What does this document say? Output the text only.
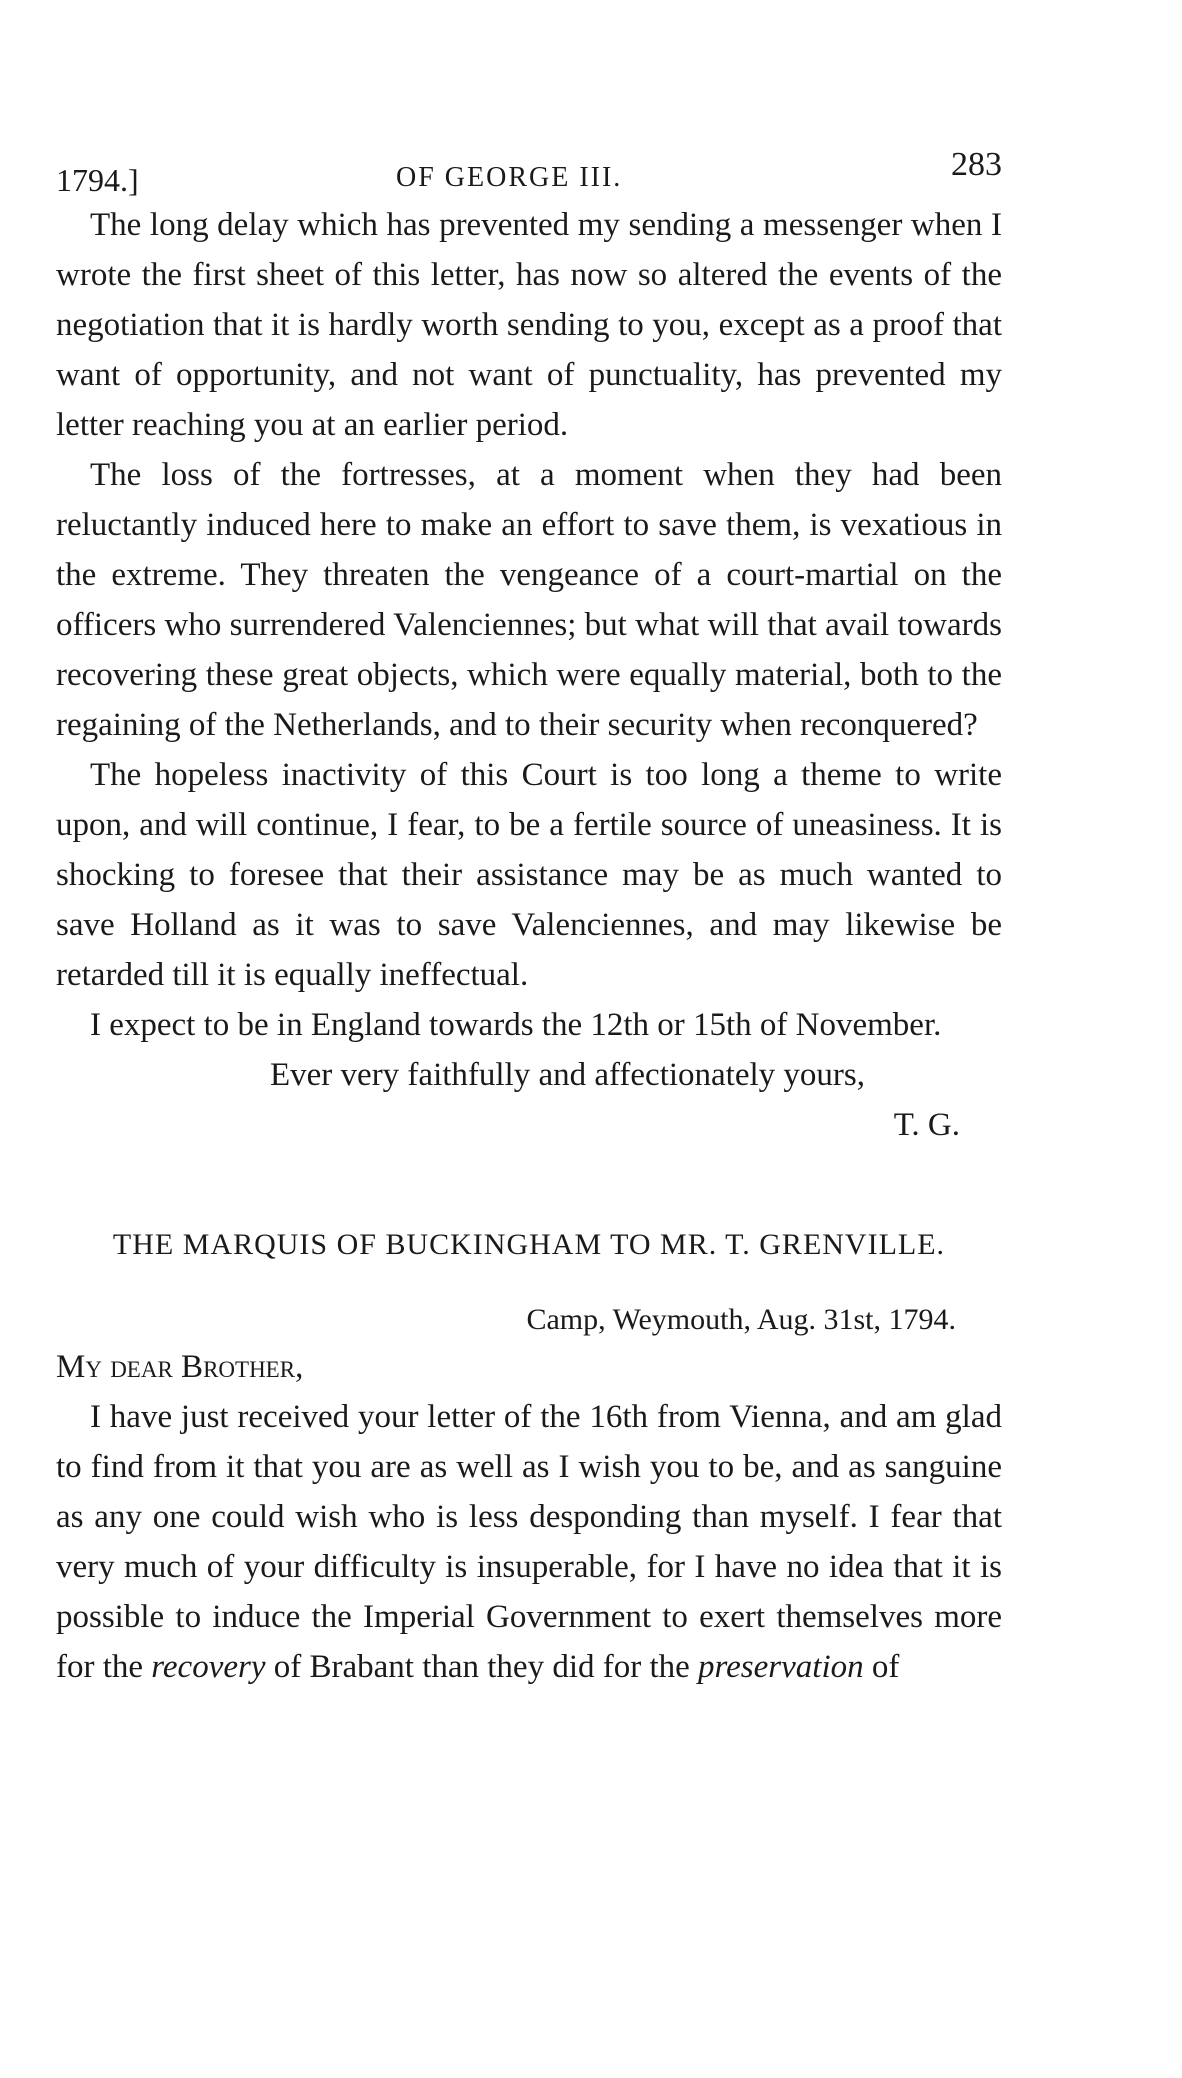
1794.]	OF GEORGE III.	283

The long delay which has prevented my sending a messenger when I wrote the first sheet of this letter, has now so altered the events of the negotiation that it is hardly worth sending to you, except as a proof that want of opportunity, and not want of punctuality, has prevented my letter reaching you at an earlier period.

The loss of the fortresses, at a moment when they had been reluctantly induced here to make an effort to save them, is vexatious in the extreme. They threaten the vengeance of a court-martial on the officers who surrendered Valenciennes; but what will that avail towards recovering these great objects, which were equally material, both to the regaining of the Netherlands, and to their security when reconquered?

The hopeless inactivity of this Court is too long a theme to write upon, and will continue, I fear, to be a fertile source of uneasiness. It is shocking to foresee that their assistance may be as much wanted to save Holland as it was to save Valenciennes, and may likewise be retarded till it is equally ineffectual.

I expect to be in England towards the 12th or 15th of November.

Ever very faithfully and affectionately yours,

T. G.

THE MARQUIS OF BUCKINGHAM TO MR. T. GRENVILLE.
Camp, Weymouth, Aug. 31st, 1794.

My dear Brother,

I have just received your letter of the 16th from Vienna, and am glad to find from it that you are as well as I wish you to be, and as sanguine as any one could wish who is less desponding than myself. I fear that very much of your difficulty is insuperable, for I have no idea that it is possible to induce the Imperial Government to exert themselves more for the recovery of Brabant than they did for the preservation of
